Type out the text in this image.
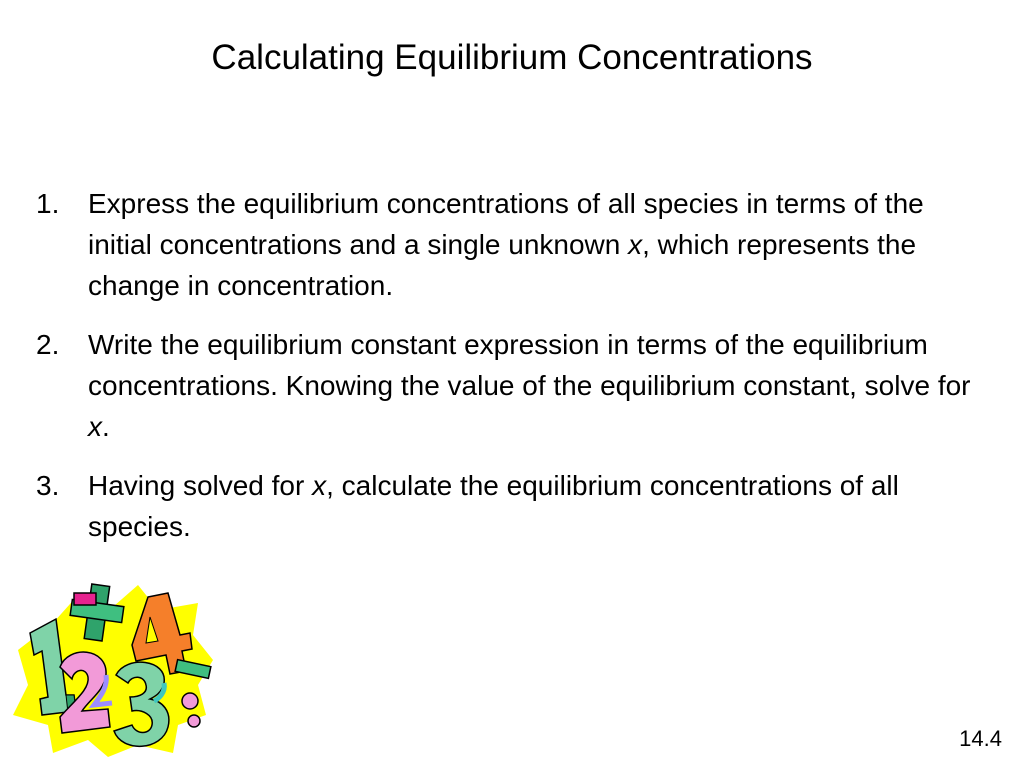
Calculating Equilibrium Concentrations
1. Express the equilibrium concentrations of all species in terms of the initial concentrations and a single unknown x, which represents the change in concentration.
2. Write the equilibrium constant expression in terms of the equilibrium concentrations. Knowing the value of the equilibrium constant, solve for x.
3. Having solved for x, calculate the equilibrium concentrations of all species.
14.4
